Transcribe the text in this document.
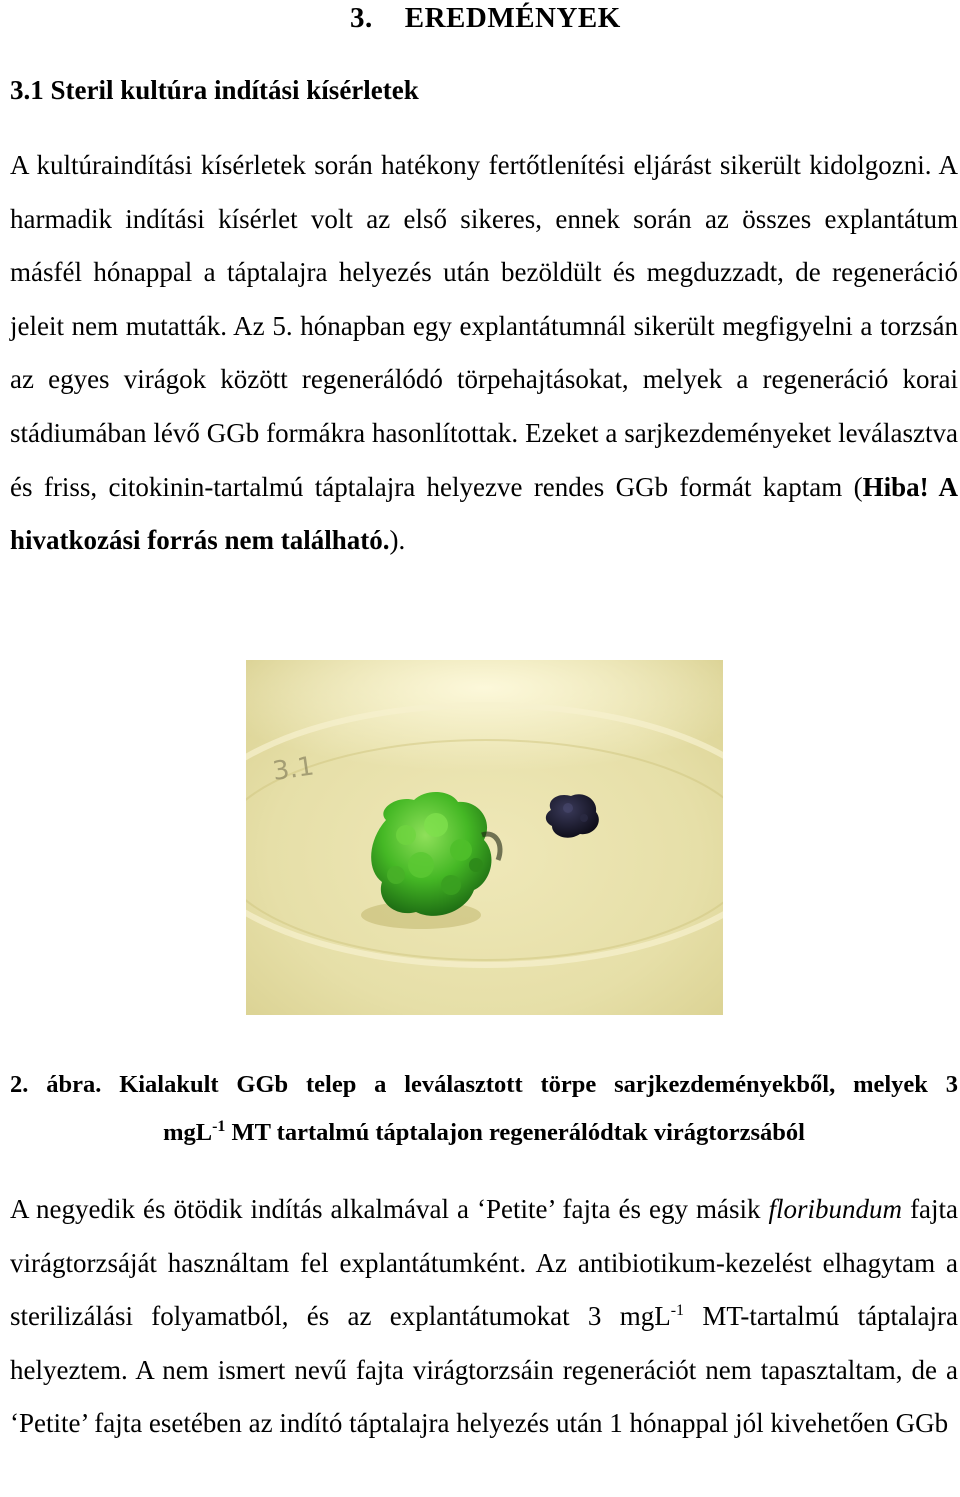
3. EREDMÉNYEK
3.1 Steril kultúra indítási kísérletek
A kultúraindítási kísérletek során hatékony fertőtlenítési eljárást sikerült kidolgozni. A harmadik indítási kísérlet volt az első sikeres, ennek során az összes explantátum másfél hónappal a táptalajra helyezés után bezöldült és megduzzadt, de regeneráció jeleit nem mutatták. Az 5. hónapban egy explantátumnál sikerült megfigyelni a torzsán az egyes virágok között regenerálódó törpehajtásokat, melyek a regeneráció korai stádiumában lévő GGb formákra hasonlítottak. Ezeket a sarjkezdeményeket leválasztva és friss, citokinin-tartalmú táptalajra helyezve rendes GGb formát kaptam (Hiba! A hivatkozási forrás nem található.).
3.1
2. ábra. Kialakult GGb telep a leválasztott törpe sarjkezdeményekből, melyek 3
mgL$^{-1}$ MT tartalmú táptalajon regenerálódtak virágtorzsából
A negyedik és ötödik indítás alkalmával a ‘Petite’ fajta és egy másik floribundum fajta virágtorzsáját használtam fel explantátumként. Az antibiotikum-kezelést elhagytam a sterilizálási folyamatból, és az explantátumokat 3 mgL$^{-1}$ MT-tartalmú táptalajra helyeztem. A nem ismert nevű fajta virágtorzsáin regenerációt nem tapasztaltam, de a ‘Petite’ fajta esetében az indító táptalajra helyezés után 1 hónappal jól kivehetően GGb
